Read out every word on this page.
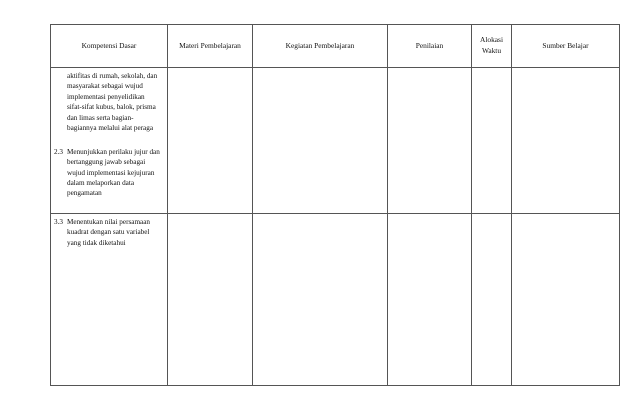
Kompetensi Dasar	Materi Pembelajaran	Kegiatan Pembelajaran	Penilaian	Alokasi Waktu	Sumber Belajar

aktifitas di rumah, sekolah, dan masyarakat sebagai wujud implementasi penyelidikan sifat-sifat kubus, balok, prisma dan limas serta bagian-bagiannya melalui alat peraga
2.3 Menunjukkan perilaku jujur dan bertanggung jawab sebagai wujud implementasi kejujuran dalam melaporkan data pengamatan					

3.3 Menentukan nilai persamaan kuadrat dengan satu variabel yang tidak diketahui					
